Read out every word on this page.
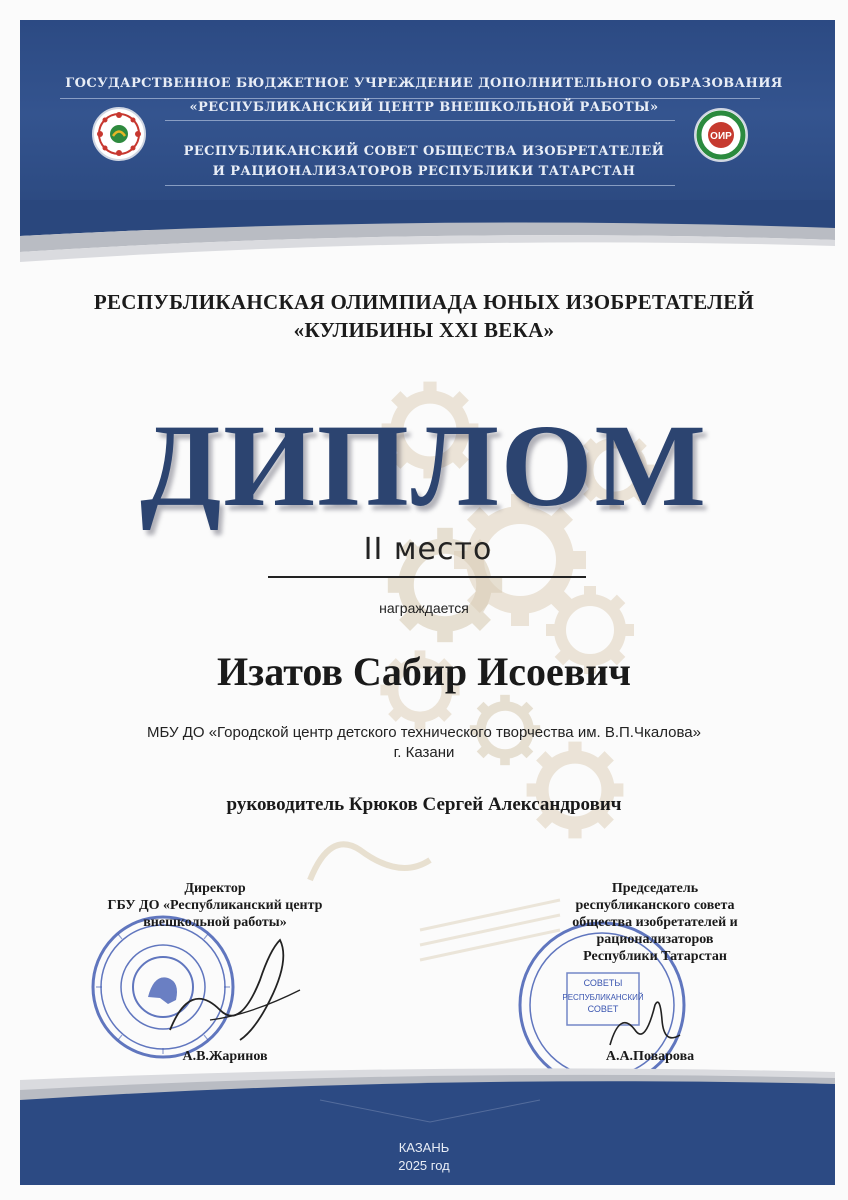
ГОСУДАРСТВЕННОЕ БЮДЖЕТНОЕ УЧРЕЖДЕНИЕ ДОПОЛНИТЕЛЬНОГО ОБРАЗОВАНИЯ
«РЕСПУБЛИКАНСКИЙ ЦЕНТР ВНЕШКОЛЬНОЙ РАБОТЫ»
РЕСПУБЛИКАНСКИЙ СОВЕТ ОБЩЕСТВА ИЗОБРЕТАТЕЛЕЙ
И РАЦИОНАЛИЗАТОРОВ РЕСПУБЛИКИ ТАТАРСТАН
ОИР
РЕСПУБЛИКАНСКАЯ ОЛИМПИАДА ЮНЫХ ИЗОБРЕТАТЕЛЕЙ
«КУЛИБИНЫ XXI ВЕКА»
ДИПЛОМ
II место
награждается
Изатов Сабир Исоевич
МБУ ДО «Городской центр детского технического творчества им. В.П.Чкалова»
г. Казани
руководитель Крюков Сергей Александрович
СОВЕТЫ
РЕСПУБЛИКАНСКИЙ
СОВЕТ
Директор
ГБУ ДО «Республиканский центр
внешкольной работы»
А.В.Жаринов
Председатель
республиканского совета
общества изобретателей и
рационализаторов
Республики Татарстан
А.А.Поварова
КАЗАНЬ
2025 год
